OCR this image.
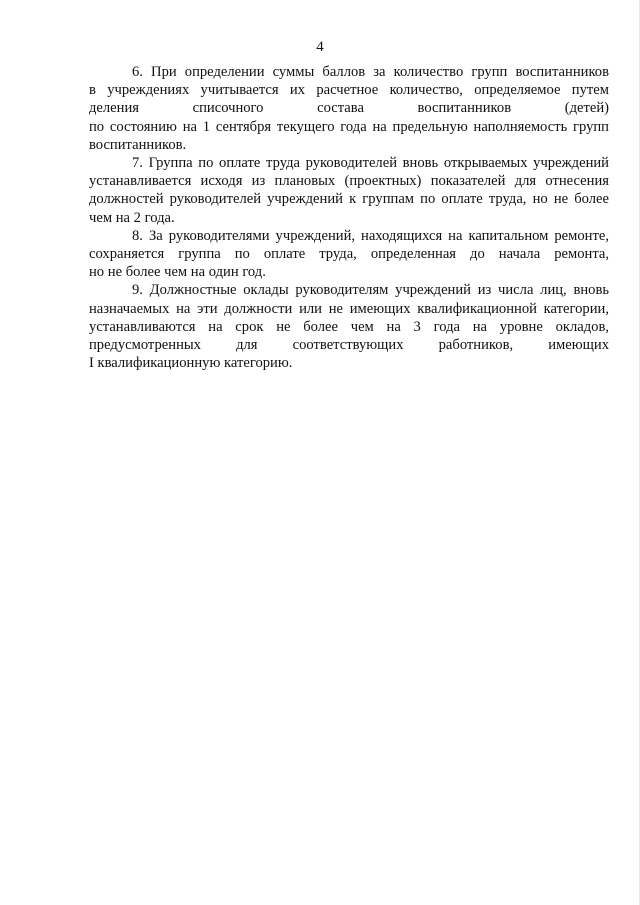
4

6. При определении суммы баллов за количество групп воспитанников
в учреждениях учитывается их расчетное количество, определяемое путем
деления списочного состава воспитанников (детей)
по состоянию на 1 сентября текущего года на предельную наполняемость групп
воспитанников.

7. Группа по оплате труда руководителей вновь открываемых учреждений
устанавливается исходя из плановых (проектных) показателей для отнесения
должностей руководителей учреждений к группам по оплате труда, но не более
чем на 2 года.

8. За руководителями учреждений, находящихся на капитальном ремонте,
сохраняется группа по оплате труда, определенная до начала ремонта,
но не более чем на один год.

9. Должностные оклады руководителям учреждений из числа лиц, вновь
назначаемых на эти должности или не имеющих квалификационной категории,
устанавливаются на срок не более чем на 3 года на уровне окладов,
предусмотренных для соответствующих работников, имеющих
I квалификационную категорию.
